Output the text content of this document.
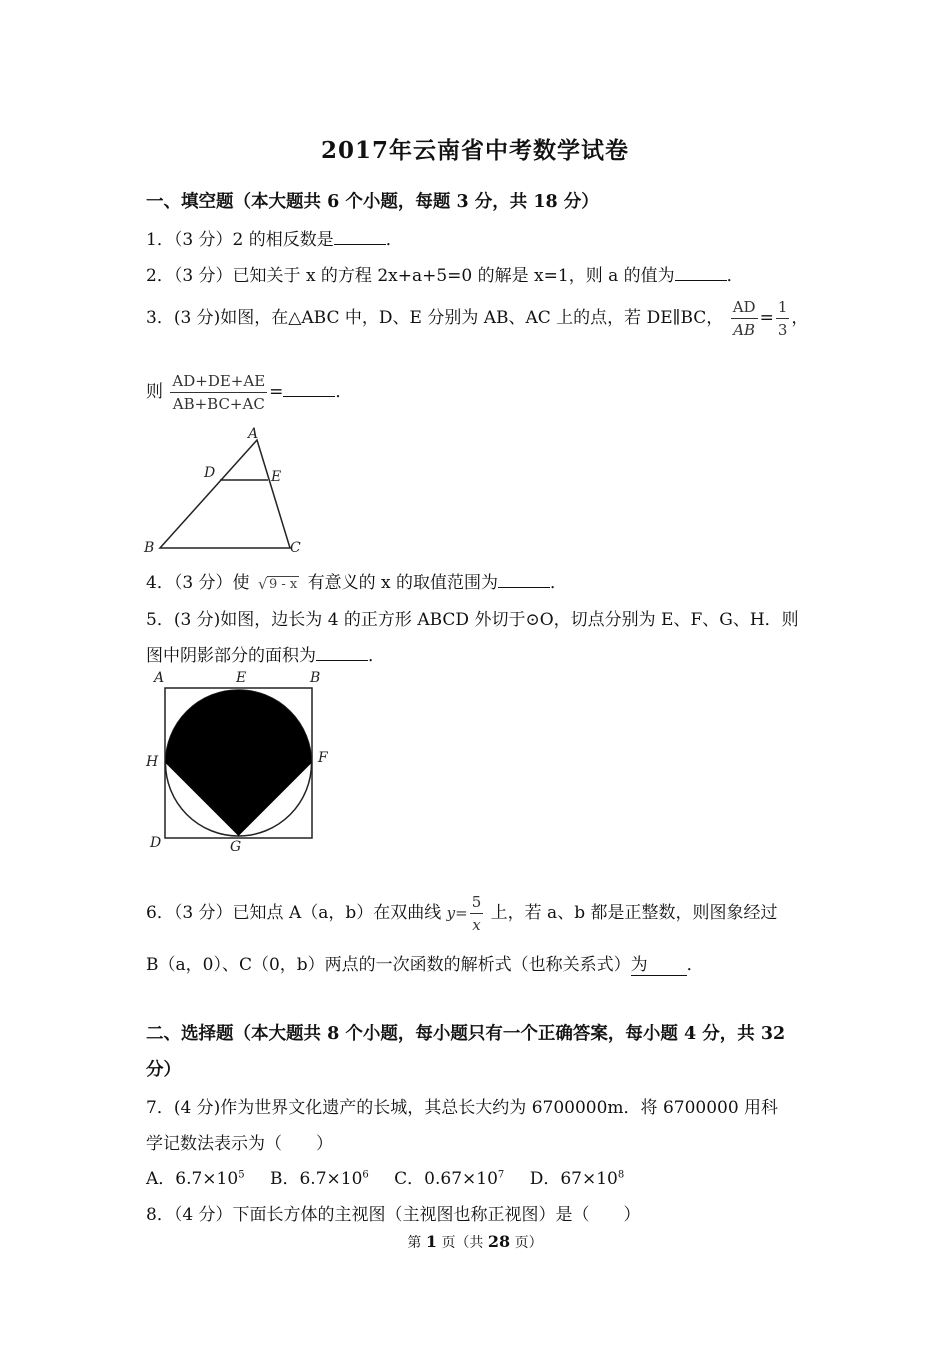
2017年云南省中考数学试卷
一、填空题（本大题共 6 个小题，每题 3 分，共 18 分）
1．（3 分）2 的相反数是	．
2．（3 分）已知关于 x 的方程 2x+a+5=0 的解是 x=1，则 a 的值为	．
3．(3 分)如图，在△ABC 中，D、E 分别为 AB、AC 上的点，若 DE∥BC， $\frac{AD}{AB} = \frac{1}{3}$ ，
则 $\frac{AD+DE+AE}{AB+BC+AC}$ =	．
A
D	E
B	C
4．（3 分）使 √ 9 - x 有意义的 x 的取值范围为	．
5．(3 分)如图，边长为 4 的正方形 ABCD 外切于⊙O，切点分别为 E、F、G、H．则
图中阴影部分的面积为	．
A	E	B
H	F
D	G
6．（3 分）已知点 A（a，b）在双曲线 $y= \frac{5}{x}$ 上，若 a、b 都是正整数，则图象经过
B（a，0）、C（0，b）两点的一次函数的解析式（也称关系式）为 ．
二、选择题（本大题共 8 个小题，每小题只有一个正确答案，每小题 4 分，共 32
分）
7．(4 分)作为世界文化遗产的长城，其总长大约为 6700000m．将 6700000 用科
学记数法表示为（　　）
A．$6.7\times 10^5$ B．$6.7\times 10^6$ C．$0.67\times 10^7$ D．$67\times 10^8$
8．（4 分）下面长方体的主视图（主视图也称正视图）是（　　）
第 1 页（共 28 页）
